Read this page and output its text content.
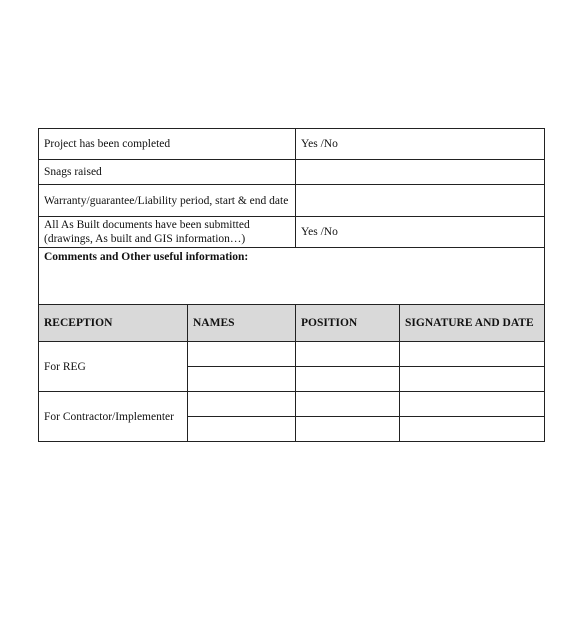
Project has been completed	Yes /No
Snags raised	
Warranty/guarantee/Liability period, start & end date	
All As Built documents have been submitted (drawings, As built and GIS information…)	Yes /No
Comments and Other useful information:	
RECEPTION	NAMES	POSITION	SIGNATURE AND DATE
For REG			

For Contractor/Implementer			
